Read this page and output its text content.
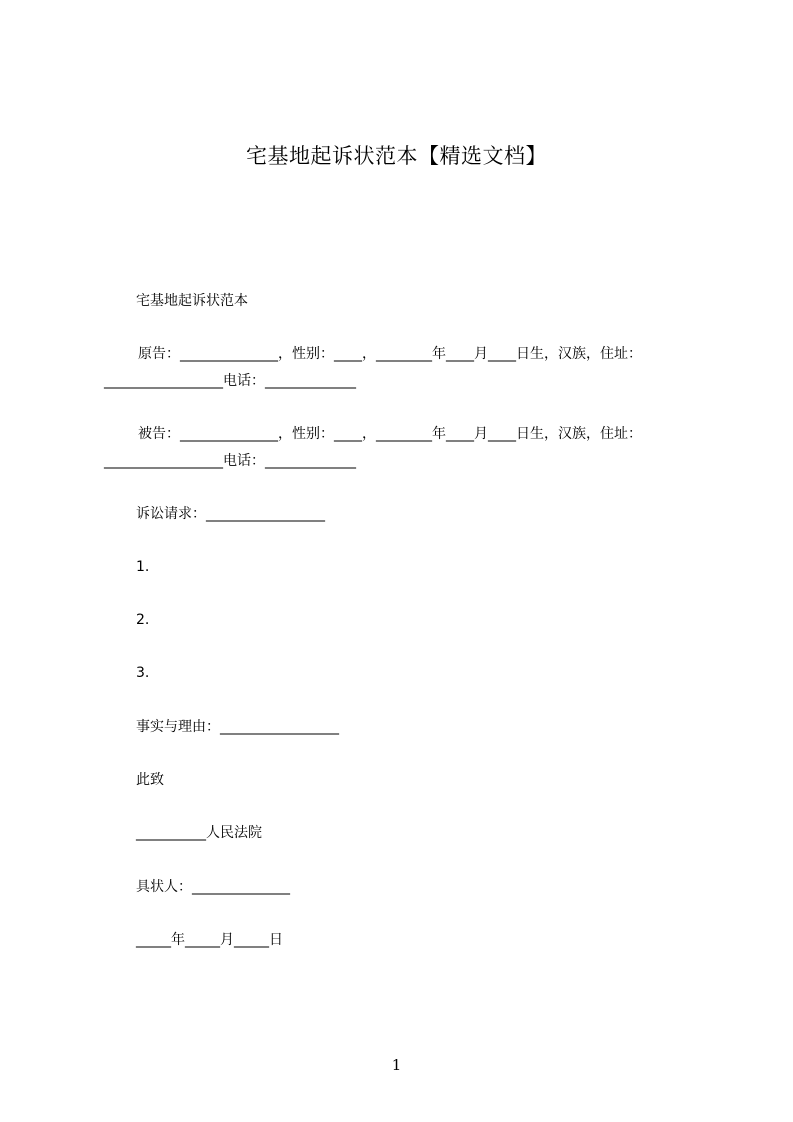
宅基地起诉状范本【精选文档】
宅基地起诉状范本
原告：______________，性别：____，________年____月____日生，汉族，住址：
_________________电话：_____________
被告：______________，性别：____，________年____月____日生，汉族，住址：
_________________电话：_____________
诉讼请求：_________________
1.
2.
3.
事实与理由：_________________
此致
__________人民法院
具状人：______________
_____年_____月_____日
1
